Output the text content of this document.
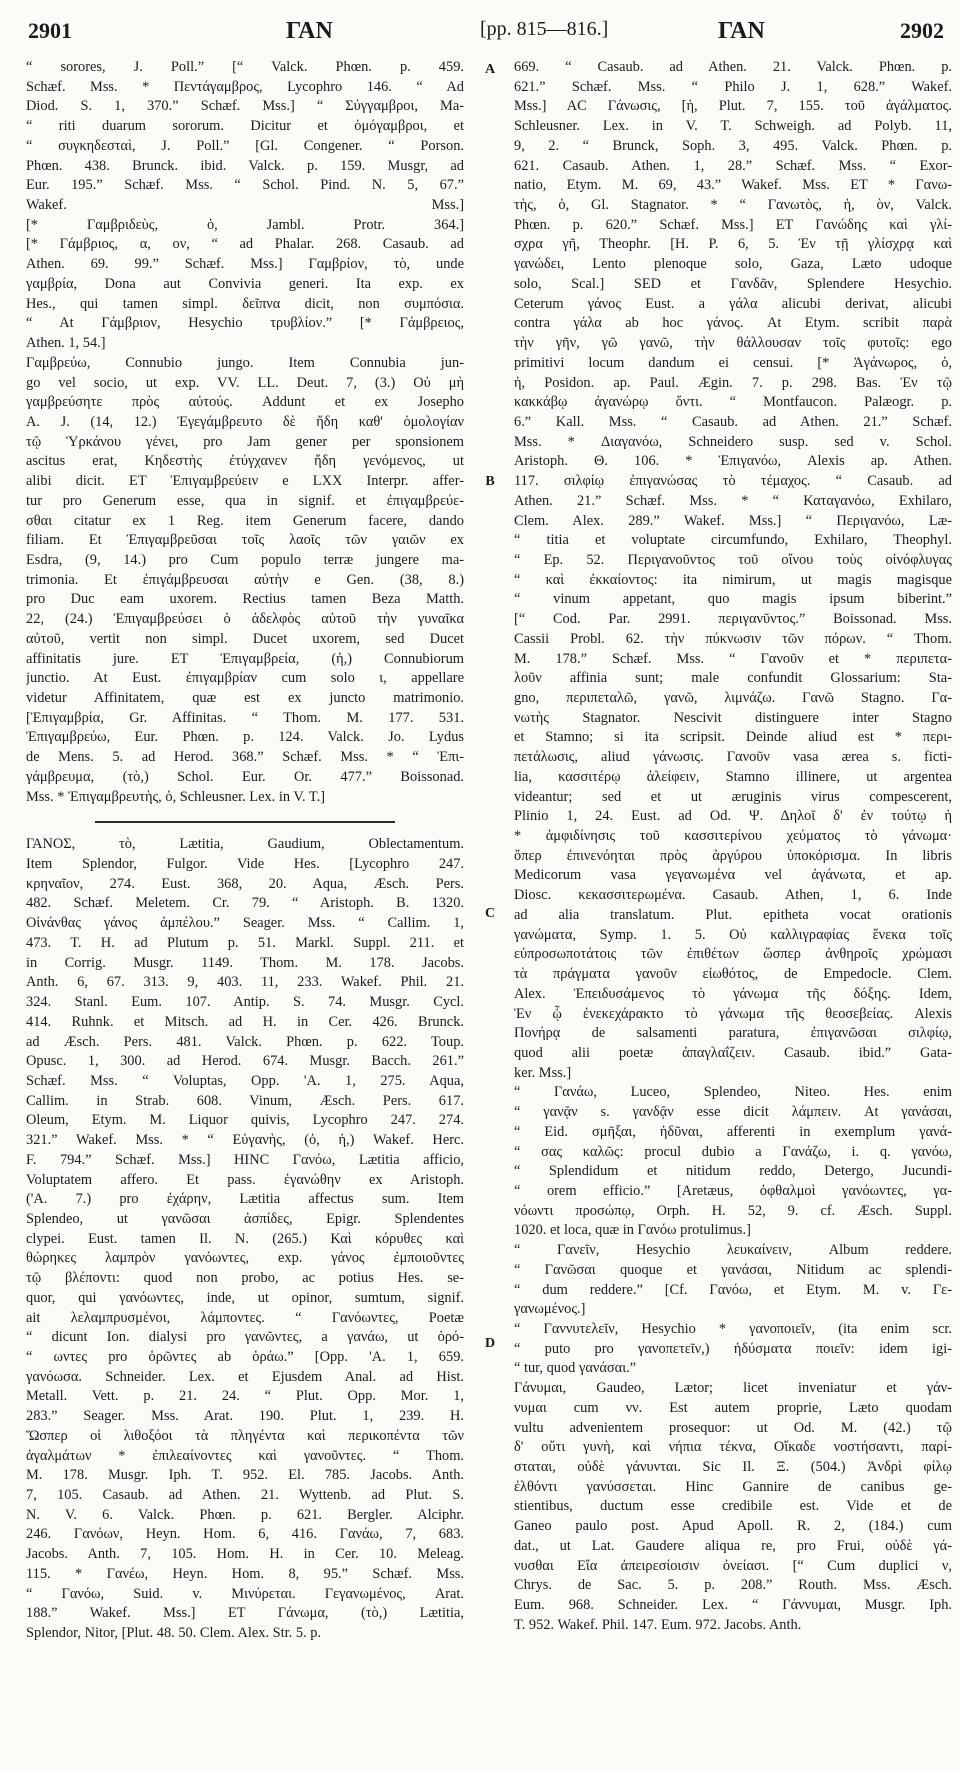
2901	ΓΑΝ	[pp. 815—816.]	ΓΑΝ	2902
“ sorores, J. Poll.” [“ Valck. Phœn. p. 459.
Schæf. Mss. * Πεντάγαμβρος, Lycophro 146. “ Ad
Diod. S. 1, 370.” Schæf. Mss.] “ Σύγγαμβροι, Ma-
“ riti duarum sororum. Dicitur et ὁμόγαμβροι, et
“ συγκηδεσταὶ, J. Poll.” [Gl. Congener. “ Porson.
Phœn. 438. Brunck. ibid. Valck. p. 159. Musgr, ad
Eur. 195.” Schæf. Mss. “ Schol. Pind. N. 5, 67.”
Wakef. Mss.]
[* Γαμβριδεὺς, ὁ, Jambl. Protr. 364.]
[* Γάμβριος, α, ον, “ ad Phalar. 268. Casaub. ad
Athen. 69. 99.” Schæf. Mss.] Γαμβρίον, τὸ, unde
γαμβρία, Dona aut Convivia generi. Ita exp. ex
Hes., qui tamen simpl. δεῖπνα dicit, non συμπόσια.
“ At Γάμβριον, Hesychio τρυβλίον.” [* Γάμβρειος,
Athen. 1, 54.]
Γαμβρεύω, Connubio jungo. Item Connubia jun-
go vel socio, ut exp. VV. LL. Deut. 7, (3.) Οὐ μὴ
γαμβρεύσητε πρὸς αὐτούς. Addunt et ex Josepho
A. J. (14, 12.) Ἐγεγάμβρευτο δὲ ἤδη καθ' ὁμολογίαν
τῷ Ὑρκάνου γένει, pro Jam gener per sponsionem
ascitus erat, Κηδεστὴς ἐτύγχανεν ἤδη γενόμενος, ut
alibi dicit. ET Ἐπιγαμβρεύειν e LXX Interpr. affer-
tur pro Generum esse, qua in signif. et ἐπιγαμβρεύε-
σθαι citatur ex 1 Reg. item Generum facere, dando
filiam. Et Ἐπιγαμβρεῦσαι τοῖς λαοῖς τῶν γαιῶν ex
Esdra, (9, 14.) pro Cum populo terræ jungere ma-
trimonia. Et ἐπιγάμβρευσαι αὐτὴν e Gen. (38, 8.)
pro Duc eam uxorem. Rectius tamen Beza Matth.
22, (24.) Ἐπιγαμβρεύσει ὁ ἀδελφὸς αὐτοῦ τὴν γυναῖκα
αὐτοῦ, vertit non simpl. Ducet uxorem, sed Ducet
affinitatis jure. ET Ἐπιγαμβρεία, (ἡ,) Connubiorum
junctio. At Eust. ἐπιγαμβρίαν cum solo ι, appellare
videtur Affinitatem, quæ est ex juncto matrimonio.
[Ἐπιγαμβρία, Gr. Affinitas. “ Thom. M. 177. 531.
Ἐπιγαμβρεύω, Eur. Phœn. p. 124. Valck. Jo. Lydus
de Mens. 5. ad Herod. 368.” Schæf. Mss. * “ Ἐπι-
γάμβρευμα, (τὸ,) Schol. Eur. Or. 477.” Boissonad.
Mss. * Ἐπιγαμβρευτὴς, ὁ, Schleusner. Lex. in V. T.]
ΓΑΝΟΣ, τὸ, Lætitia, Gaudium, Oblectamentum.
Item Splendor, Fulgor. Vide Hes. [Lycophro 247.
κρηναῖον, 274. Eust. 368, 20. Aqua, Æsch. Pers.
482. Schæf. Meletem. Cr. 79. “ Aristoph. B. 1320.
Οἰνάνθας γάνος ἀμπέλου.” Seager. Mss. “ Callim. 1,
473. T. H. ad Plutum p. 51. Markl. Suppl. 211. et
in Corrig. Musgr. 1149. Thom. M. 178. Jacobs.
Anth. 6, 67. 313. 9, 403. 11, 233. Wakef. Phil. 21.
324. Stanl. Eum. 107. Antip. S. 74. Musgr. Cycl.
414. Ruhnk. et Mitsch. ad H. in Cer. 426. Brunck.
ad Æsch. Pers. 481. Valck. Phœn. p. 622. Toup.
Opusc. 1, 300. ad Herod. 674. Musgr. Bacch. 261.”
Schæf. Mss. “ Voluptas, Opp. 'A. 1, 275. Aqua,
Callim. in Strab. 608. Vinum, Æsch. Pers. 617.
Oleum, Etym. M. Liquor quivis, Lycophro 247. 274.
321.” Wakef. Mss. * “ Εὐγανὴς, (ὁ, ἡ,) Wakef. Herc.
F. 794.” Schæf. Mss.] HINC Γανόω, Lætitia afficio,
Voluptatem affero. Et pass. ἐγανώθην ex Aristoph.
('A. 7.) pro ἐχάρην, Lætitia affectus sum. Item
Splendeo, ut γανῶσαι ἀσπίδες, Epigr. Splendentes
clypei. Eust. tamen Il. N. (265.) Καὶ κόρυθες καὶ
θώρηκες λαμπρὸν γανόωντες, exp. γάνος ἐμποιοῦντες
τῷ βλέποντι: quod non probo, ac potius Hes. se-
quor, qui γανόωντες, inde, ut opinor, sumtum, signif.
ait λελαμπρυσμένοι, λάμποντες. “ Γανόωντες, Poetæ
“ dicunt Ion. dialysi pro γανῶντες, a γανάω, ut ὁρό-
“ ωντες pro ὁρῶντες ab ὁράω.” [Opp. 'A. 1, 659.
γανόωσα. Schneider. Lex. et Ejusdem Anal. ad Hist.
Metall. Vett. p. 21. 24. “ Plut. Opp. Mor. 1,
283.” Seager. Mss. Arat. 190. Plut. 1, 239. H.
Ὥσπερ οἱ λιθοξόοι τὰ πληγέντα καὶ περικοπέντα τῶν
ἀγαλμάτων * ἐπιλεαίνοντες καὶ γανοῦντες. “ Thom.
M. 178. Musgr. Iph. T. 952. El. 785. Jacobs. Anth.
7, 105. Casaub. ad Athen. 21. Wyttenb. ad Plut. S.
N. V. 6. Valck. Phœn. p. 621. Bergler. Alciphr.
246. Γανόων, Heyn. Hom. 6, 416. Γανάω, 7, 683.
Jacobs. Anth. 7, 105. Hom. H. in Cer. 10. Meleag.
115. * Γανέω, Heyn. Hom. 8, 95.” Schæf. Mss.
“ Γανόω, Suid. v. Μινύρεται. Γεγανωμένος, Arat.
188.” Wakef. Mss.] ET Γάνωμα, (τὸ,) Lætitia,
Splendor, Nitor, [Plut. 48. 50. Clem. Alex. Str. 5. p.
669. “ Casaub. ad Athen. 21. Valck. Phœn. p.
621.” Schæf. Mss. “ Philo J. 1, 628.” Wakef.
Mss.] AC Γάνωσις, [ἡ, Plut. 7, 155. τοῦ ἀγάλματος.
Schleusner. Lex. in V. T. Schweigh. ad Polyb. 11,
9, 2. “ Brunck, Soph. 3, 495. Valck. Phœn. p.
621. Casaub. Athen. 1, 28.” Schæf. Mss. “ Exor-
natio, Etym. M. 69, 43.” Wakef. Mss. ET * Γανω-
τὴς, ὁ, Gl. Stagnator. * “ Γανωτὸς, ἡ, ὸν, Valck.
Phœn. p. 620.” Schæf. Mss.] ET Γανώδης καὶ γλί-
σχρα γῆ, Theophr. [H. P. 6, 5. Ἐν τῇ γλίσχρᾳ καὶ
γανώδει, Lento plenoque solo, Gaza, Læto udoque
solo, Scal.] SED et Γανδᾶν, Splendere Hesychio.
Ceterum γάνος Eust. a γάλα alicubi derivat, alicubi
contra γάλα ab hoc γάνος. At Etym. scribit παρὰ
τὴν γῆν, γῶ γανῶ, τὴν θάλλουσαν τοῖς φυτοῖς: ego
primitivi locum dandum ei censui. [* Ἀγάνωρος, ὁ,
ἡ, Posidon. ap. Paul. Ægin. 7. p. 298. Bas. Ἐν τῷ
κακκάβῳ ἀγανώρῳ ὄντι. “ Montfaucon. Palæogr. p.
6.” Kall. Mss. “ Casaub. ad Athen. 21.” Schæf.
Mss. * Διαγανόω, Schneidero susp. sed v. Schol.
Aristoph. Θ. 106. * Ἐπιγανόω, Alexis ap. Athen.
117. σιλφίῳ ἐπιγανώσας τὸ τέμαχος. “ Casaub. ad
Athen. 21.” Schæf. Mss. * “ Καταγανόω, Exhilaro,
Clem. Alex. 289.” Wakef. Mss.] “ Περιγανόω, Læ-
“ titia et voluptate circumfundo, Exhilaro, Theophyl.
“ Ep. 52. Περιγανοῦντος τοῦ οἴνου τοὺς οἰνόφλυγας
“ καὶ ἐκκαίοντος: ita nimirum, ut magis magisque
“ vinum appetant, quo magis ipsum biberint.”
[“ Cod. Par. 2991. περιγανῦντος.” Boissonad. Mss.
Cassii Probl. 62. τὴν πύκνωσιν τῶν πόρων. “ Thom.
M. 178.” Schæf. Mss. “ Γανοῦν et * περιπετα-
λοῦν affinia sunt; male confundit Glossarium: Sta-
gno, περιπεταλῶ, γανῶ, λιμνάζω. Γανῶ Stagno. Γα-
νωτὴς Stagnator. Nescivit distinguere inter Stagno
et Stamno; si ita scripsit. Deinde aliud est * περι-
πετάλωσις, aliud γάνωσις. Γανοῦν vasa ærea s. ficti-
lia, κασσιτέρῳ ἀλείφειν, Stamno illinere, ut argentea
videantur; sed et ut æruginis virus compescerent,
Plinio 1, 24. Eust. ad Od. Ψ. Δηλοῖ δ' ἐν τούτῳ ἡ
* ἀμφιδίνησις τοῦ κασσιτερίνου χεύματος τὸ γάνωμα·
ὅπερ ἐπινενόηται πρὸς ἀργύρου ὑποκόρισμα. In libris
Medicorum vasa γεγανωμένα vel ἀγάνωτα, et ap.
Diosc. κεκασσιτερωμένα. Casaub. Athen, 1, 6. Inde
ad alia translatum. Plut. epitheta vocat orationis
γανώματα, Symp. 1. 5. Οὐ καλλιγραφίας ἕνεκα τοῖς
εὐπροσωποτάτοις τῶν ἐπιθέτων ὥσπερ ἀνθηροῖς χρώμασι
τὰ πράγματα γανοῦν εἰωθότος, de Empedocle. Clem.
Alex. Ἐπειδυσάμενος τὸ γάνωμα τῆς δόξης. Idem,
Ἐν ᾧ ἐνεκεχάρακτο τὸ γάνωμα τῆς θεοσεβείας. Alexis
Πονήρᾳ de salsamenti paratura, ἐπιγανῶσαι σιλφίῳ,
quod alii poetæ ἀπαγλαΐζειν. Casaub. ibid.” Gata-
ker. Mss.]
“ Γανάω, Luceo, Splendeo, Niteo. Hes. enim
“ γανᾷν s. γανδᾷν esse dicit λάμπειν. At γανάσαι,
“ Eid. σμῆξαι, ἡδῦναι, afferenti in exemplum γανά-
“ σας καλῶς: procul dubio a Γανάζω, i. q. γανόω,
“ Splendidum et nitidum reddo, Detergo, Jucundi-
“ orem efficio.” [Aretæus, ὀφθαλμοὶ γανόωντες, γα-
νόωντι προσώπῳ, Orph. H. 52, 9. cf. Æsch. Suppl.
1020. et loca, quæ in Γανόω protulimus.]
“ Γανεῖν, Hesychio λευκαίνειν, Album reddere.
“ Γανῶσαι quoque et γανάσαι, Nitidum ac splendi-
“ dum reddere.” [Cf. Γανόω, et Etym. M. v. Γε-
γανωμένος.]
“ Γαννυτελεῖν, Hesychio * γανοποιεῖν, (ita enim scr.
“ puto pro γανοπετεῖν,) ἡδύσματα ποιεῖν: idem igi-
“ tur, quod γανάσαι.”
Γάνυμαι, Gaudeo, Lætor; licet inveniatur et γάν-
νυμαι cum νν. Est autem proprie, Læto quodam
vultu advenientem prosequor: ut Od. M. (42.) τῷ
δ' οὔτι γυνὴ, καὶ νήπια τέκνα, Οἴκαδε νοστήσαντι, παρί-
σταται, οὐδὲ γάνυνται. Sic Il. Ξ. (504.) Ἀνδρὶ φίλῳ
ἐλθόντι γανύσσεται. Hinc Gannire de canibus ge-
stientibus, ductum esse credibile est. Vide et de
Ganeo paulo post. Apud Apoll. R. 2, (184.) cum
dat., ut Lat. Gaudere aliqua re, pro Frui, οὐδὲ γά-
νυσθαι Εἴα ἀπειρεσίοισιν ὀνείασι. [“ Cum duplici ν,
Chrys. de Sac. 5. p. 208.” Routh. Mss. Æsch.
Eum. 968. Schneider. Lex. “ Γάννυμαι, Musgr. Iph.
T. 952. Wakef. Phil. 147. Eum. 972. Jacobs. Anth.
A
B
C
D
